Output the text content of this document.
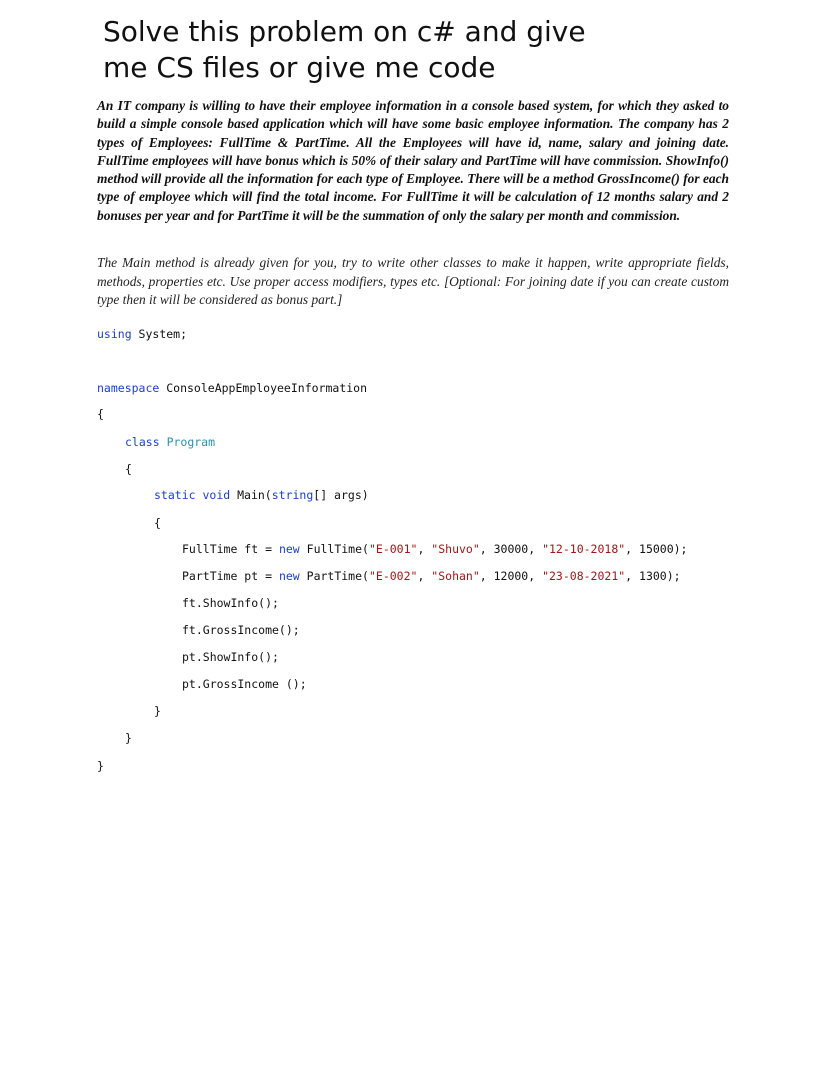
Solve this problem on c# and give
me CS files or give me code
An IT company is willing to have their employee information in a console based system, for which they asked to build a simple console based application which will have some basic employee information. The company has 2 types of Employees: FullTime & PartTime. All the Employees will have id, name, salary and joining date. FullTime employees will have bonus which is 50% of their salary and PartTime will have commission. ShowInfo() method will provide all the information for each type of Employee. There will be a method GrossIncome() for each type of employee which will find the total income. For FullTime it will be calculation of 12 months salary and 2 bonuses per year and for PartTime it will be the summation of only the salary per month and commission.
The Main method is already given for you, try to write other classes to make it happen, write appropriate fields, methods, properties etc. Use proper access modifiers, types etc. [Optional: For joining date if you can create custom type then it will be considered as bonus part.]
using System;
namespace ConsoleAppEmployeeInformation
{
class Program
{
static void Main(string[] args)
{
FullTime ft = new FullTime("E-001", "Shuvo", 30000, "12-10-2018", 15000);
PartTime pt = new PartTime("E-002", "Sohan", 12000, "23-08-2021", 1300);
ft.ShowInfo();
ft.GrossIncome();
pt.ShowInfo();
pt.GrossIncome ();
}
}
}
